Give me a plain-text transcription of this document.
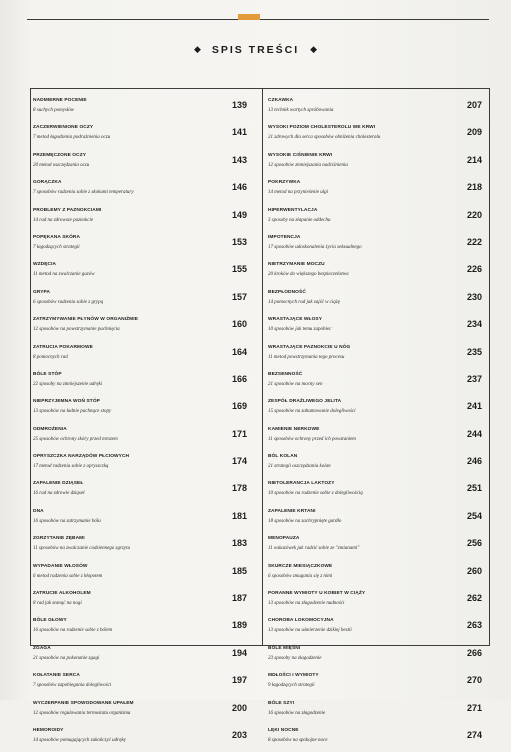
◆ SPIS TREŚCI ◆
NADMIERNE POCENIE
8 suchych pomysłów
139
ZACZERWIENIONE OCZY
7 metod łagodzenia podrażnienia oczu
141
PRZEMĘCZONE OCZY
20 metod oszczędzania oczu
143
GORĄCZKA
7 sposobów radzenia sobie z skokami temperatury
146
PROBLEMY Z PAZNOKCIAMI
14 rad na zdrowsze paznokcie
149
POPĘKANA SKÓRA
7 łagodzących strategii
153
WZDĘCIA
11 metod na zwalczanie gazów
155
GRYPA
6 sposobów radzenia sobie z grypą
157
ZATRZYMYWANIE PŁYNÓW W ORGANIŹMIE
12 sposobów na powstrzymanie puchnięcia
160
ZATRUCIA POKARMOWE
8 pomocnych rad
164
BÓLE STÓP
22 sposoby na zmniejszenie udręki
166
NIEPRZYJEMNA WOŃ STÓP
13 sposobów na ładnie pachnące stopy
169
ODMROŻENIA
25 sposobów ochrony skóry przed mrozem
171
OPRYSZCZKA NARZĄDÓW PŁCIOWYCH
17 metod radzenia sobie z opryszczką
174
ZAPALENIE DZIĄSEŁ
16 rad na zdrowie dziąseł
178
DNA
16 sposobów na zatrzymanie bólu
181
ZGRZYTANIE ZĘBAMI
11 sposobów na zwalczanie codziennego zgrzytu
183
WYPADANIE WŁOSÓW
6 metod radzenia sobie z kłopotem
185
ZATRUCIE ALKOHOLEM
8 rad jak stanąć na nogi
187
BÓLE GŁOWY
16 sposobów na radzenie sobie z bólem
189
ZGAGA
21 sposobów na pokonanie zgagi
194
KOŁATANIE SERCA
7 sposobów zapobiegania dolegliwości
197
WYCZERPANIE SPOWODOWANE UPAŁEM
12 sposobów regulowania termostatu organizmu
200
HEMOROIDY
14 sposobów pomagających zakończyć udrękę
203
CZKAWKA
13 technik wartych spróbowania
207
WYSOKI POZIOM CHOLESTEROLU WE KRWI
21 zdrowych dla serca sposobów obniżenia cholesterolu
209
WYSOKIE CIŚNIENIE KRWI
12 sposobów zmniejszania nadciśnienia
214
POKRZYWKA
14 metod na przynieśenie ulgi
218
HIPERWENTYLACJA
3 sposoby na złapanie oddechu
220
IMPOTENCJA
17 sposobów udoskonalenia życia seksualnego
222
NIETRZYMANIE MOCZU
20 kroków do większego bezpieczeństwa
226
BEZPŁODNOŚĆ
14 pomocnych rad jak zajść w ciążę
230
WRASTAJĄCE WŁOSY
10 sposobów jak temu zapobiec
234
WRASTAJĄCE PAZNOKCIE U NÓG
11 metod powstrzymania tego procesu
235
BEZSENNOŚĆ
21 sposobów na mocny sen
237
ZESPÓŁ DRAŻLIWEGO JELITA
15 sposobów na zahamowanie dolegliwości
241
KAMIENIE NERKOWE
11 sposobów ochrony przed ich powstaniem
244
BÓL KOLAN
21 strategii oszczędzania kolan
246
NIETOLERANCJA LAKTOZY
10 sposobów na radzenie sobie z dolegliwością
251
ZAPALENIE KRTANI
18 sposobów na zachrypnięte gardło
254
MENOPAUZA
11 wskazówek jak radzić sobie ze "zmianami"
256
SKURCZE MIESIĄCZKOWE
6 sposobów zmagania się z nimi
260
PORANNE WYMIOTY U KOBIET W CIĄŻY
13 sposobów na złagodzenie nudności
262
CHOROBA LOKOMOCYJNA
13 sposobów na uśmierzenie dzikiej bestii
263
BÓLE MIĘŚNI
23 sposoby na złagodzenie
266
MDŁOŚCI I WYMIOTY
9 łagodzących strategii
270
BÓLE SZYI
16 sposobów na złagodzenie
271
LĘKI NOCNE
8 sposobów na spokojne noce
274
